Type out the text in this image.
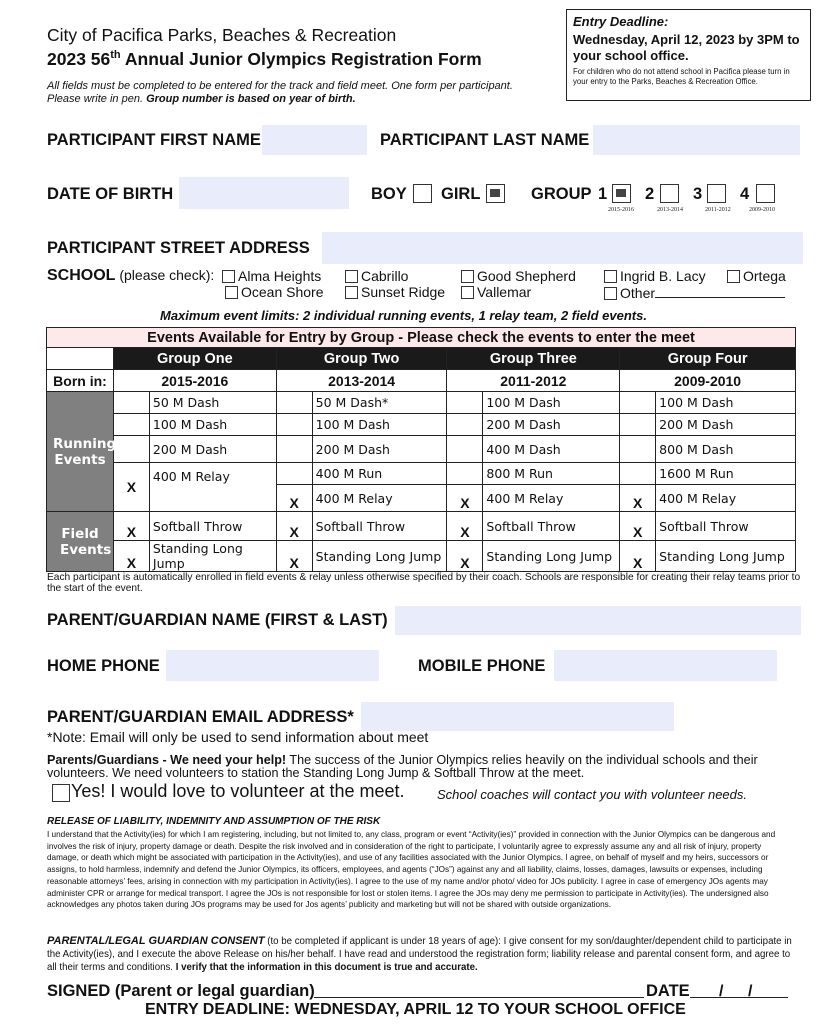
City of Pacifica Parks, Beaches & Recreation
2023 56th Annual Junior Olympics Registration Form
All fields must be completed to be entered for the track and field meet. One form per participant.
Please write in pen. Group number is based on year of birth.
Entry Deadline:
Wednesday, April 12, 2023 by 3PM to your school office.
For children who do not attend school in Pacifica please turn in your entry to the Parks, Beaches & Recreation Office.
PARTICIPANT FIRST NAME	PARTICIPANT LAST NAME
DATE OF BIRTH	BOY GIRL	GROUP 1
2015-2016
2
2013-2014
3
2011-2012
4
2009-2010
PARTICIPANT STREET ADDRESS
SCHOOL (please check):	Alma Heights	Cabrillo	Good Shepherd	Ingrid B. Lacy	Ortega
Ocean Shore	Sunset Ridge	Vallemar	Other
Maximum event limits: 2 individual running events, 1 relay team, 2 field events.
Events Available for Entry by Group - Please check the events to enter the meet								
	Group One		Group Two		Group Three		Group Four	
Born in:	2015-2016		2013-2014		2011-2012		2009-2010	
Running Events		50 M Dash		50 M Dash*		100 M Dash		100 M Dash
		100 M Dash		100 M Dash		200 M Dash		200 M Dash
		200 M Dash		200 M Dash		400 M Dash		800 M Dash
	X	400 M Relay		400 M Run		800 M Run		1600 M Run
			X	400 M Relay	X	400 M Relay	X	400 M Relay
Field Events	X	Softball Throw	X	Softball Throw	X	Softball Throw	X	Softball Throw
	X	Standing Long Jump	X	Standing Long Jump	X	Standing Long Jump	X	Standing Long Jump
Each participant is automatically enrolled in field events & relay unless otherwise specified by their coach. Schools are responsible for creating their relay teams prior to the start of the event.
PARENT/GUARDIAN NAME (FIRST & LAST)
HOME PHONE	MOBILE PHONE
PARENT/GUARDIAN EMAIL ADDRESS*
*Note: Email will only be used to send information about meet
Parents/Guardians - We need your help! The success of the Junior Olympics relies heavily on the individual schools and their volunteers. We need volunteers to station the Standing Long Jump & Softball Throw at the meet.
Yes! I would love to volunteer at the meet. School coaches will contact you with volunteer needs.
RELEASE OF LIABILITY, INDEMNITY AND ASSUMPTION OF THE RISK
I understand that the Activity(ies) for which I am registering, including, but not limited to, any class, program or event “Activity(ies)” provided in connection with the Junior Olympics can be dangerous and involves the risk of injury, property damage or death. Despite the risk involved and in consideration of the right to participate, I voluntarily agree to expressly assume any and all risk of injury, property damage, or death which might be associated with participation in the Activity(ies), and use of any facilities associated with the Junior Olympics. I agree, on behalf of myself and my heirs, successors or assigns, to hold harmless, indemnify and defend the Junior Olympics, its officers, employees, and agents (“JOs”) against any and all liability, claims, losses, damages, lawsuits or expenses, including reasonable attorneys’ fees, arising in connection with my participation in Activity(ies). I agree to the use of my name and/or photo/ video for JOs publicity. I agree in case of emergency JOs agents may administer CPR or arrange for medical transport. I agree the JOs is not responsible for lost or stolen items. I agree the JOs may deny me permission to participate in Activity(ies). The undersigned also acknowledges any photos taken during JOs programs may be used for Jos agents’ publicity and marketing but will not be shared with outside organizations.
PARENTAL/LEGAL GUARDIAN CONSENT (to be completed if applicant is under 18 years of age): I give consent for my son/daughter/dependent child to participate in the Activity(ies), and I execute the above Release on his/her behalf. I have read and understood the registration form; liability release and parental consent form, and agree to all their terms and conditions. I verify that the information in this document is true and accurate.
SIGNED (Parent or legal guardian)	DATE / /
ENTRY DEADLINE: WEDNESDAY, APRIL 12 TO YOUR SCHOOL OFFICE
